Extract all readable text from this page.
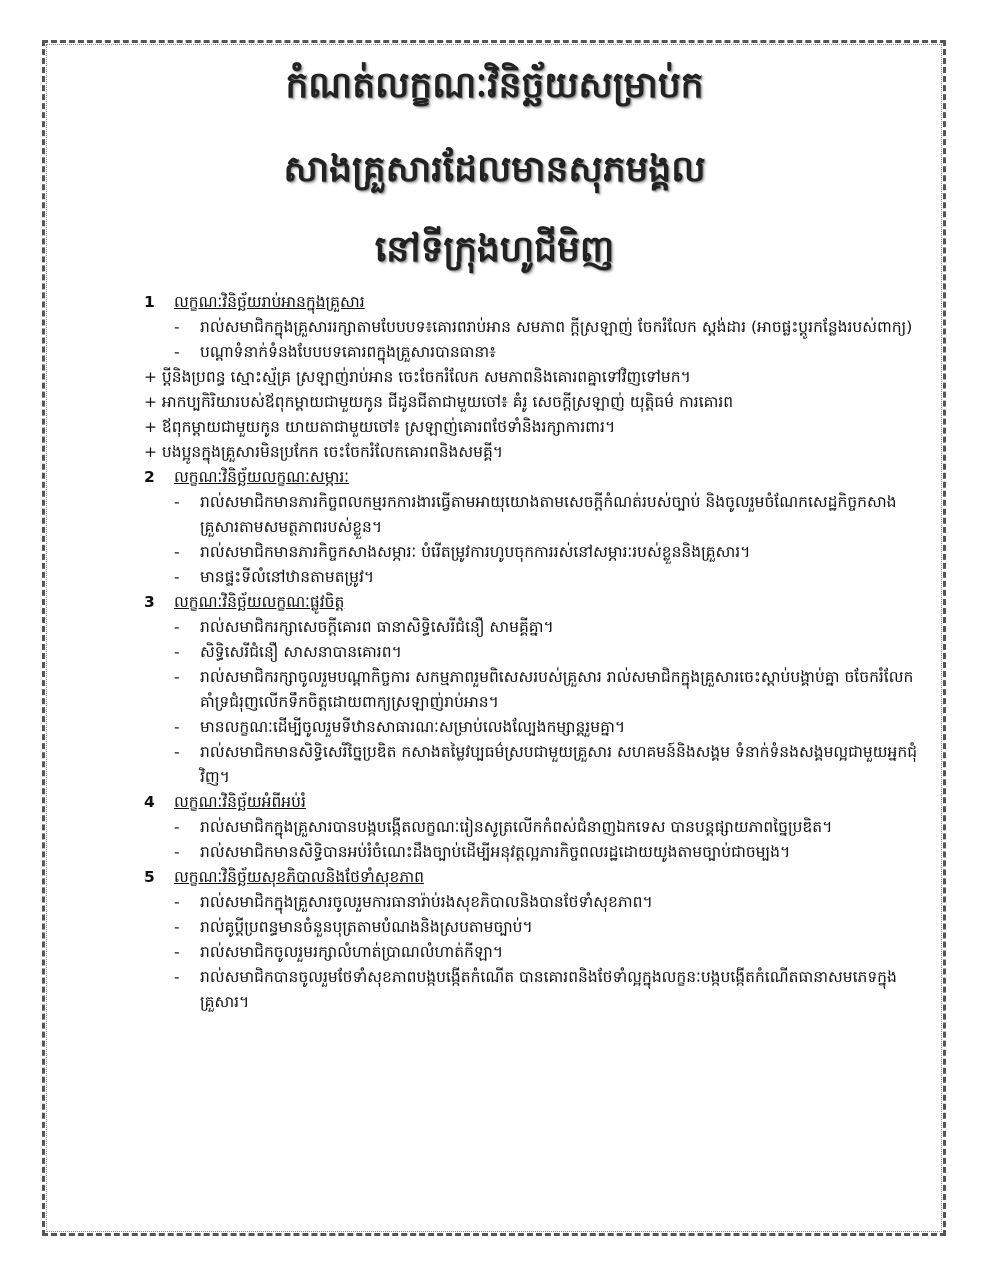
កំណត់លក្ខណៈវិនិច្ឆ័យសម្រាប់ក
សាងគ្រួសារដែលមានសុភមង្គល
នៅទីក្រុងហូជីមិញ
1	លក្ខណៈវិនិច្ឆ័យរាប់អានក្នុងគ្រួសារ
-	រាល់សមាជិកក្នុងគ្រួសាររក្សាតាមបែបបទ៖គោរពរាប់អាន សមភាព ក្តីស្រឡាញ់ ចែករំលែក ស្តង់ដារ (អាចផ្លះប្តូរកន្លែងរបស់ពាក្យ)
-	បណ្តាទំនាក់ទំនងបែបបទគោរពក្នុងគ្រួសារបានធានា៖
+ ប្តីនិងប្រពន្ធ ស្មោះស្ម័គ្រ ស្រឡាញ់រាប់អាន ចេះចែករំលែក សមភាពនិងគោរពគ្នាទៅវិញទៅមក។
+ អាកប្បកិរិយារបស់ឪពុកម្តាយជាមួយកូន ជីដូនជីតាជាមួយចៅ៖ គំរូ សេចក្តីស្រឡាញ់ យុត្តិធម៌ ការគោរព
+ ឪពុកម្តាយជាមួយកូន យាយតាជាមួយចៅ៖ ស្រឡាញ់គោរពថែទាំនិងរក្សាការពារ។
+ បងប្អូនក្នុងគ្រួសារមិនប្រកែក ចេះចែករំលែកគោរពនិងសមគ្គី។
2	លក្ខណៈវិនិច្ឆ័យលក្ខណៈសម្ភារៈ
-	រាល់សមាជិកមានភារកិច្ចពលកម្មរកការងារធ្វើតាមអាយុយោងតាមសេចក្តីកំណត់របស់ច្បាប់ និងចូលរួមចំណែកសេដ្ឋកិច្ចកសាងគ្រួសារតាមសមត្ថភាពរបស់ខ្លួន។
-	រាល់សមាជិកមានភារកិច្ចកសាងសម្ភារៈ បំរើតម្រូវការហូបចុកការរស់នៅសម្ភារៈរបស់ខ្លួននិងគ្រួសារ។
-	មានផ្ទះទីលំនៅឋានតាមតម្រូវ។
3	លក្ខណៈវិនិច្ឆ័យលក្ខណៈផ្លូវចិត្ត
-	រាល់សមាជិករក្សាសេចក្តីគោរព ធានាសិទ្ធិសេរីជំនឿ សាមគ្គីគ្នា។
-	សិទ្ធិសេរីជំនឿ សាសនាបានគោរព។
-	រាល់សមាជិករក្សាចូលរួមបណ្តាកិច្ចការ សកម្មភាពរួមពិសេសរបស់គ្រួសារ រាល់សមាជិកក្នុងគ្រួសារចេះស្តាប់បង្គាប់គ្នា ចចែករំលែក គាំទ្រជំរុញលើកទឹកចិត្តដោយពាក្យស្រឡាញ់រាប់អាន។
-	មានលក្ខណៈដើម្បីចូលរួមទីឋានសាធារណៈសម្រាប់លេងល្បែងកម្សាន្តរួមគ្នា។
-	រាល់សមាជិកមានសិទ្ធិសេរីច្នៃប្រឌិត កសាងតម្លៃវប្បធម៌ស្របជាមួយគ្រួសារ សហគមន៍និងសង្គម ទំនាក់ទំនងសង្គមល្អជាមួយអ្នកជុំវិញ។
4	លក្ខណៈវិនិច្ឆ័យអំពីអប់រំ
-	រាល់សមាជិកក្នុងគ្រួសារបានបង្កបង្កើតលក្ខណៈរៀនសូត្រលើកកំពស់ជំនាញឯកទេស បានបន្តផ្សាយភាពច្នៃប្រឌិត។
-	រាល់សមាជិកមានសិទ្ធិបានអប់រំចំណេះដឹងច្បាប់ដើម្បីអនុវត្តល្អភារកិច្ចពលរដ្ឋដោយយូងតាមច្បាប់ជាចម្បង។
5	លក្ខណៈវិនិច្ឆ័យសុខភិបាលនិងថែទាំសុខភាព
-	រាល់សមាជិកក្នុងគ្រួសារចូលរួមការធានារ៉ាប់រងសុខភិបាលនិងបានថែទាំសុខភាព។
-	រាល់គូប្តីប្រពន្ធមានចំនួនបុត្រតាមបំណងនិងស្របតាមច្បាប់។
-	រាល់សមាជិកចូលរួមរក្សាលំហាត់ប្រាណលំហាត់កីឡា។
-	រាល់សមាជិកបានចូលរួមថែទាំសុខភាពបង្កបង្កើតកំណើត បានគោរពនិងថែទាំល្អក្នុងលក្ខនៈបង្កបង្កើតកំណើតធានាសមភេទក្នុងគ្រួសារ។
